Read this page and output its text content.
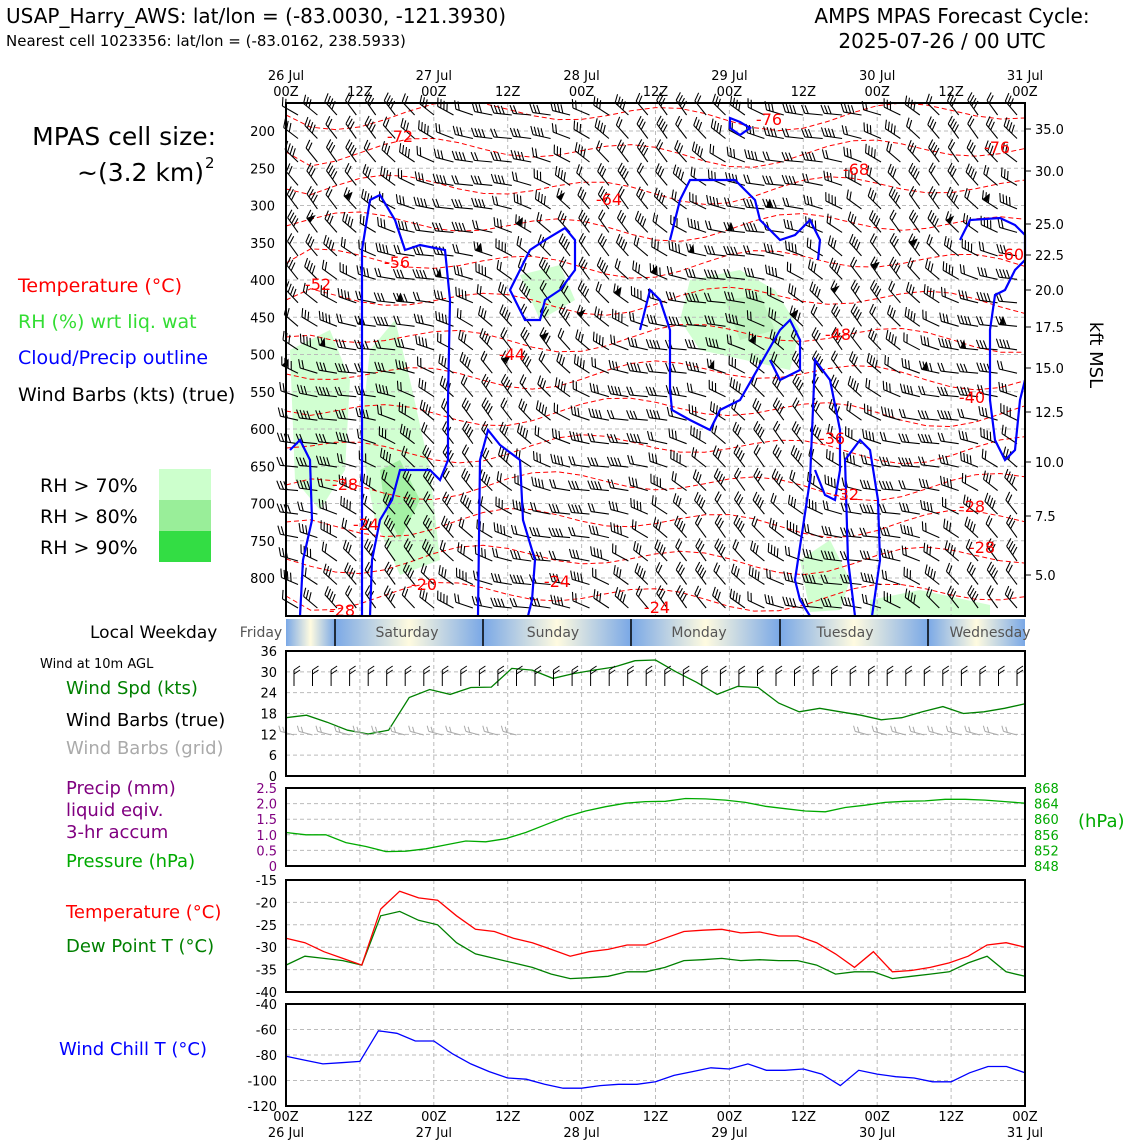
USAP_Harry_AWS: lat/lon = (-83.0030, -121.3930)
Nearest cell 1023356: lat/lon = (-83.0162, 238.5933)
AMPS MPAS Forecast Cycle:
2025-07-26 / 00 UTC
MPAS cell size:
~(3.2 km) 2
Temperature (°C)
RH (%) wrt liq. wat
Cloud/Precip outline
Wind Barbs (kts) (true)
RH > 70%
RH > 80%
RH > 90%
Local Weekday Friday	Saturday	Sunday	Monday	Tuesday	Wednesday
200
250
300
350
400
450
500
550
600
650
700
750
800
-72
-76
-76
-68
-64
-56
-52
-44
-48
-60
-40
-36
-32
-28
-24
-28
-20
-28
-28	-24
-24
35.0
30.0
25.0
22.5
20.0
17.5
15.0
12.5
10.0
7.5
5.0
kft MSL
Wind at 10m AGL
Wind Spd (kts)
Wind Barbs (true)
Wind Barbs (grid)
0
6
12
18
24
30
36
Precip (mm)
liquid eqiv.
3-hr accum
Pressure (hPa)
(hPa)
0
0.5
1.0
1.5
2.0
2.5
848
852
856
860
864
868
Temperature (°C)
Dew Point T (°C)
-40
-35
-30
-25
-20
-15
Wind Chill T (°C)
-120
-100
-80
-60
-40
26 Jul
00Z	12Z
27 Jul
00Z	12Z
28 Jul
00Z	12Z
29 Jul
00Z	12Z
30 Jul
00Z	12Z
31 Jul
00Z
00Z
26 Jul
12Z	00Z
27 Jul
12Z	00Z
28 Jul
12Z	00Z
29 Jul
12Z	00Z
30 Jul
12Z	00Z
31 Jul
